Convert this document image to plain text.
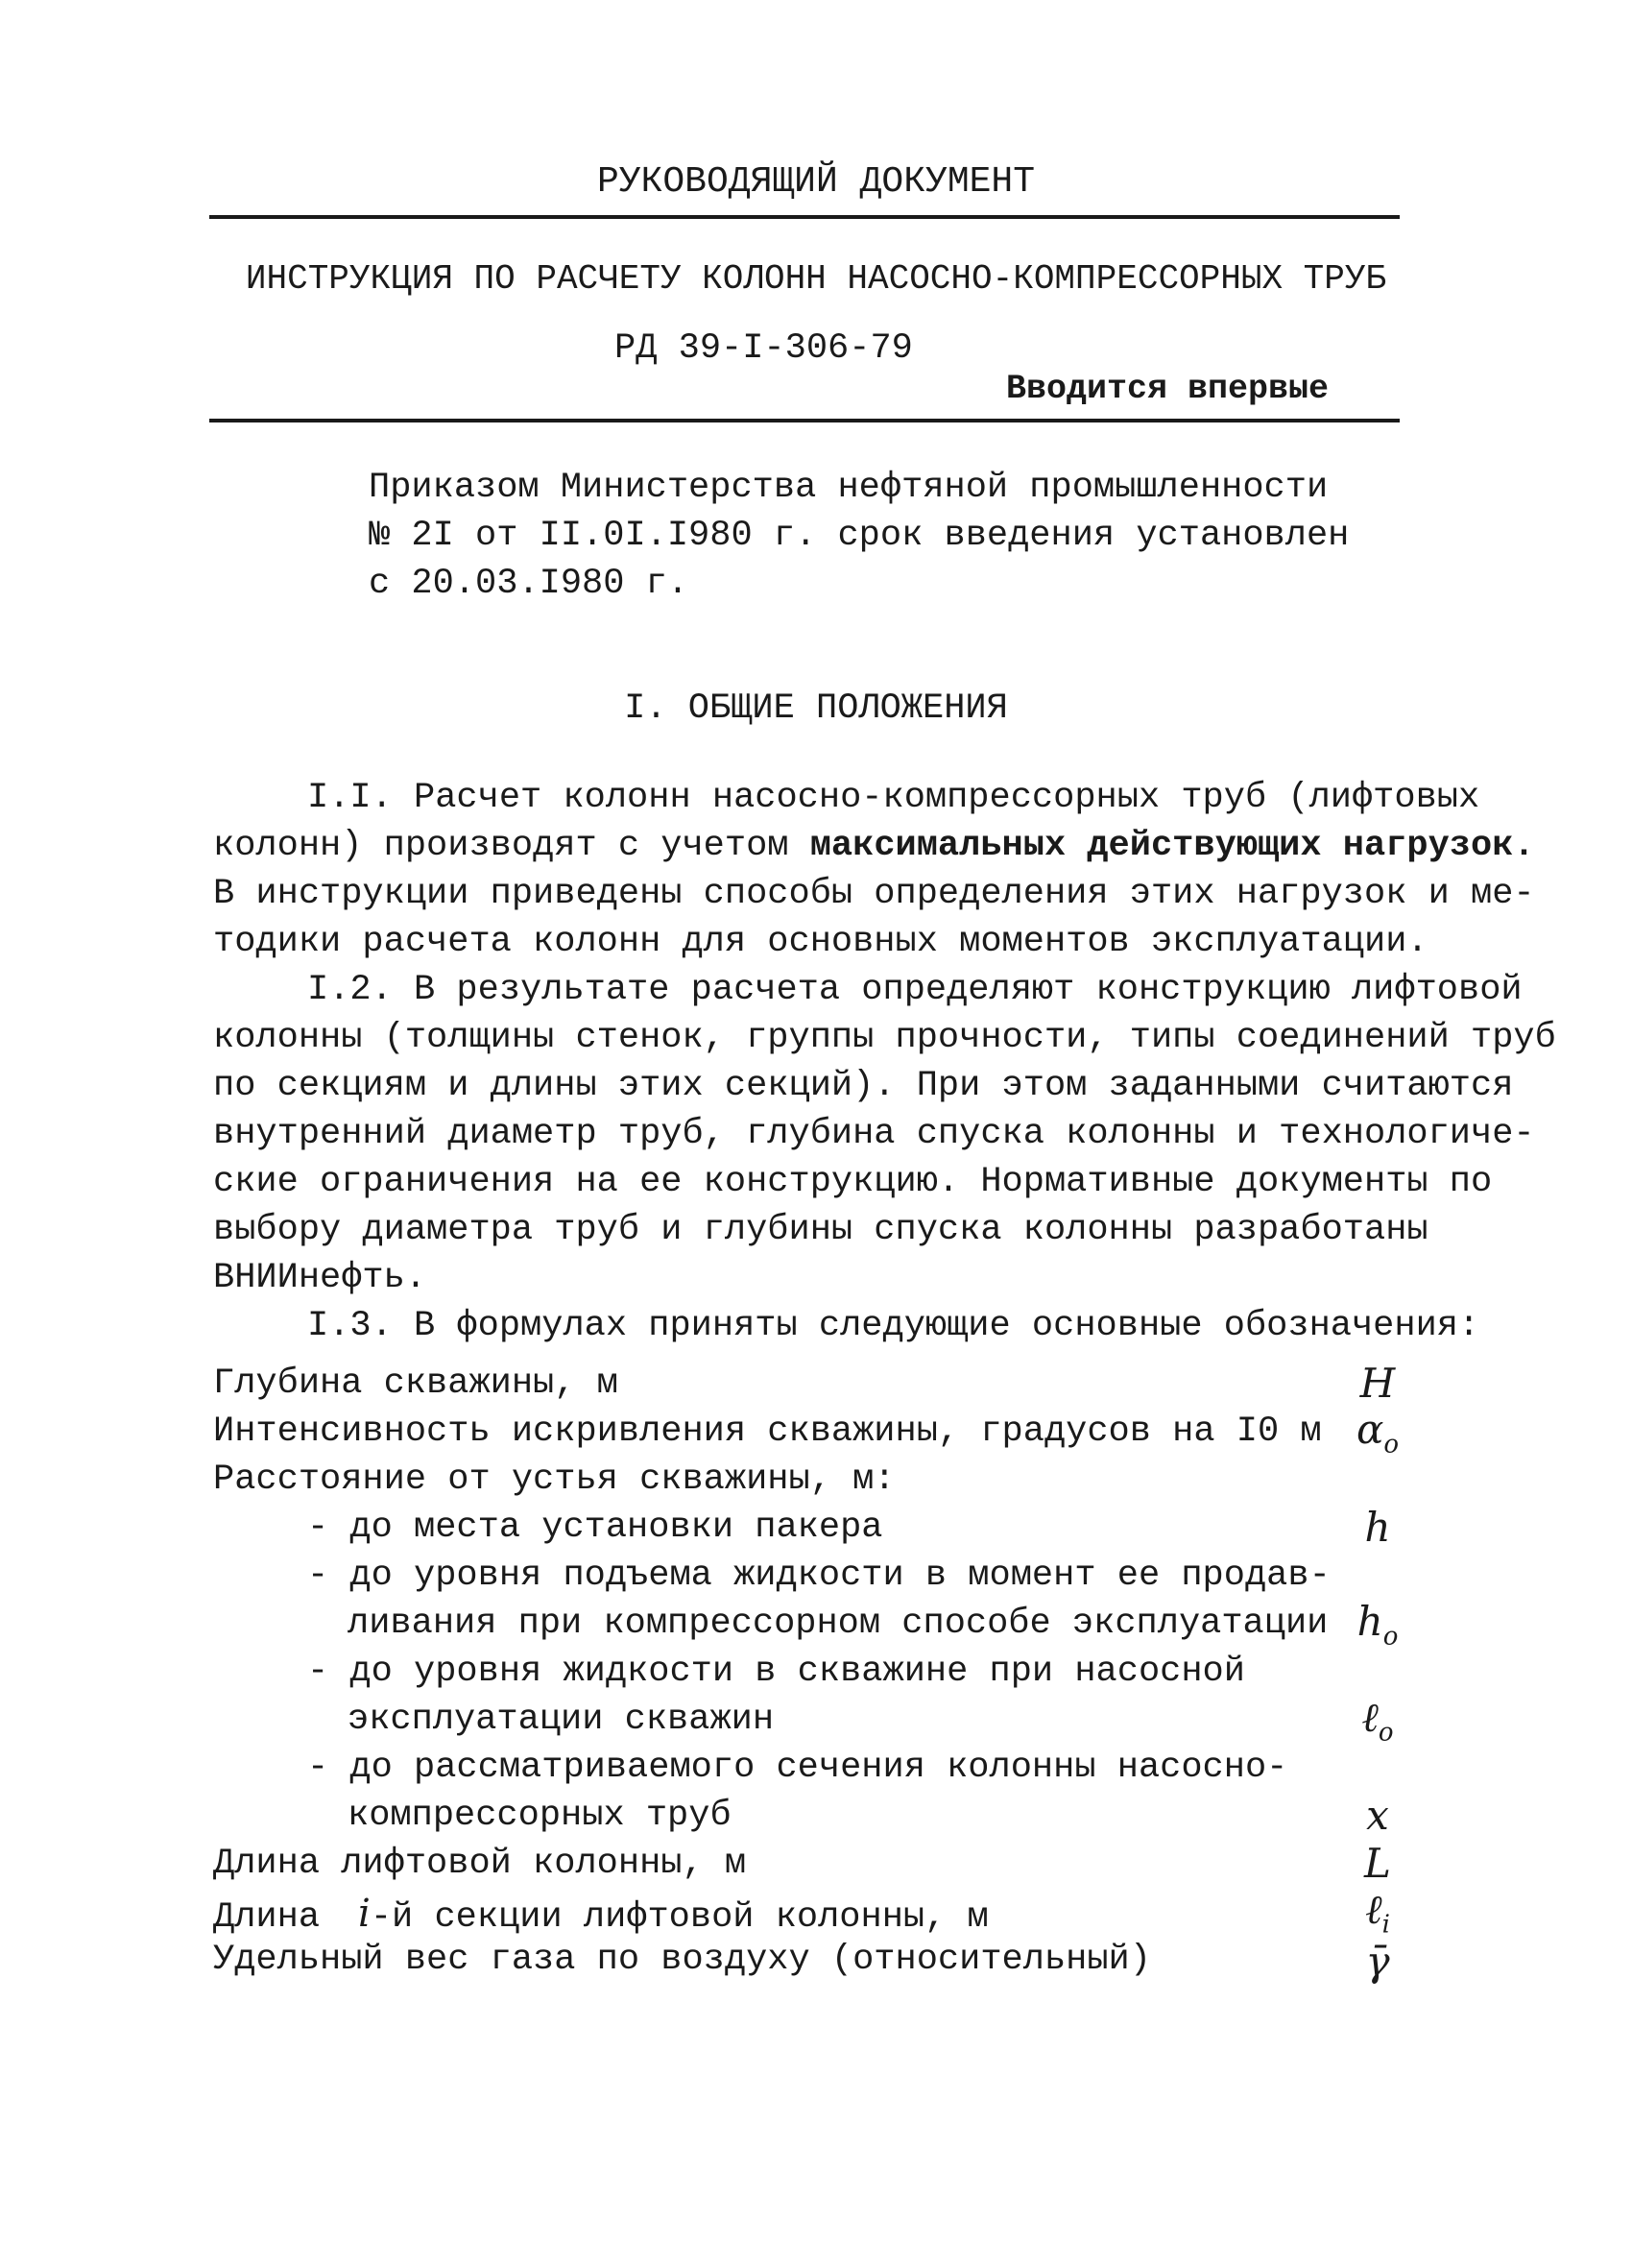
РУКОВОДЯЩИЙ ДОКУМЕНТ
ИНСТРУКЦИЯ ПО РАСЧЕТУ КОЛОНН НАСОСНО-КОМПРЕССОРНЫХ ТРУБ
РД 39-I-306-79
Вводится впервые
Приказом Министерства нефтяной промышленности
№ 2I от II.0I.I980 г. срок введения установлен
с 20.03.I980 г.
I. ОБЩИЕ ПОЛОЖЕНИЯ
I.I. Расчет колонн насосно-компрессорных труб (лифтовых
колонн) производят с учетом максимальных действующих нагрузок.
В инструкции приведены способы определения этих нагрузок и ме-
тодики расчета колонн для основных моментов эксплуатации.
I.2. В результате расчета определяют конструкцию лифтовой
колонны (толщины стенок, группы прочности, типы соединений труб
по секциям и длины этих секций). При этом заданными считаются
внутренний диаметр труб, глубина спуска колонны и технологиче-
ские ограничения на ее конструкцию. Нормативные документы по
выбору диаметра труб и глубины спуска колонны разработаны
ВНИИнефть.
I.3. В формулах приняты следующие основные обозначения:
Глубина скважины, м	H
Интенсивность искривления скважины, градусов на I0 м $\alpha_o$
Расстояние от устья скважины, м:
- до места установки пакера	h
- до уровня подъема жидкости в момент ее продав-
ливания при компрессорном способе эксплуатации $h_o$
- до уровня жидкости в скважине при насосной
эксплуатации скважин	ℓ$_o$
- до рассматриваемого сечения колонны насосно-
компрессорных труб	x
Длина лифтовой колонны, м	L
Длина i-й секции лифтовой колонны, м	ℓ$_i$
Удельный вес газа по воздуху (относительный)	γ̄
